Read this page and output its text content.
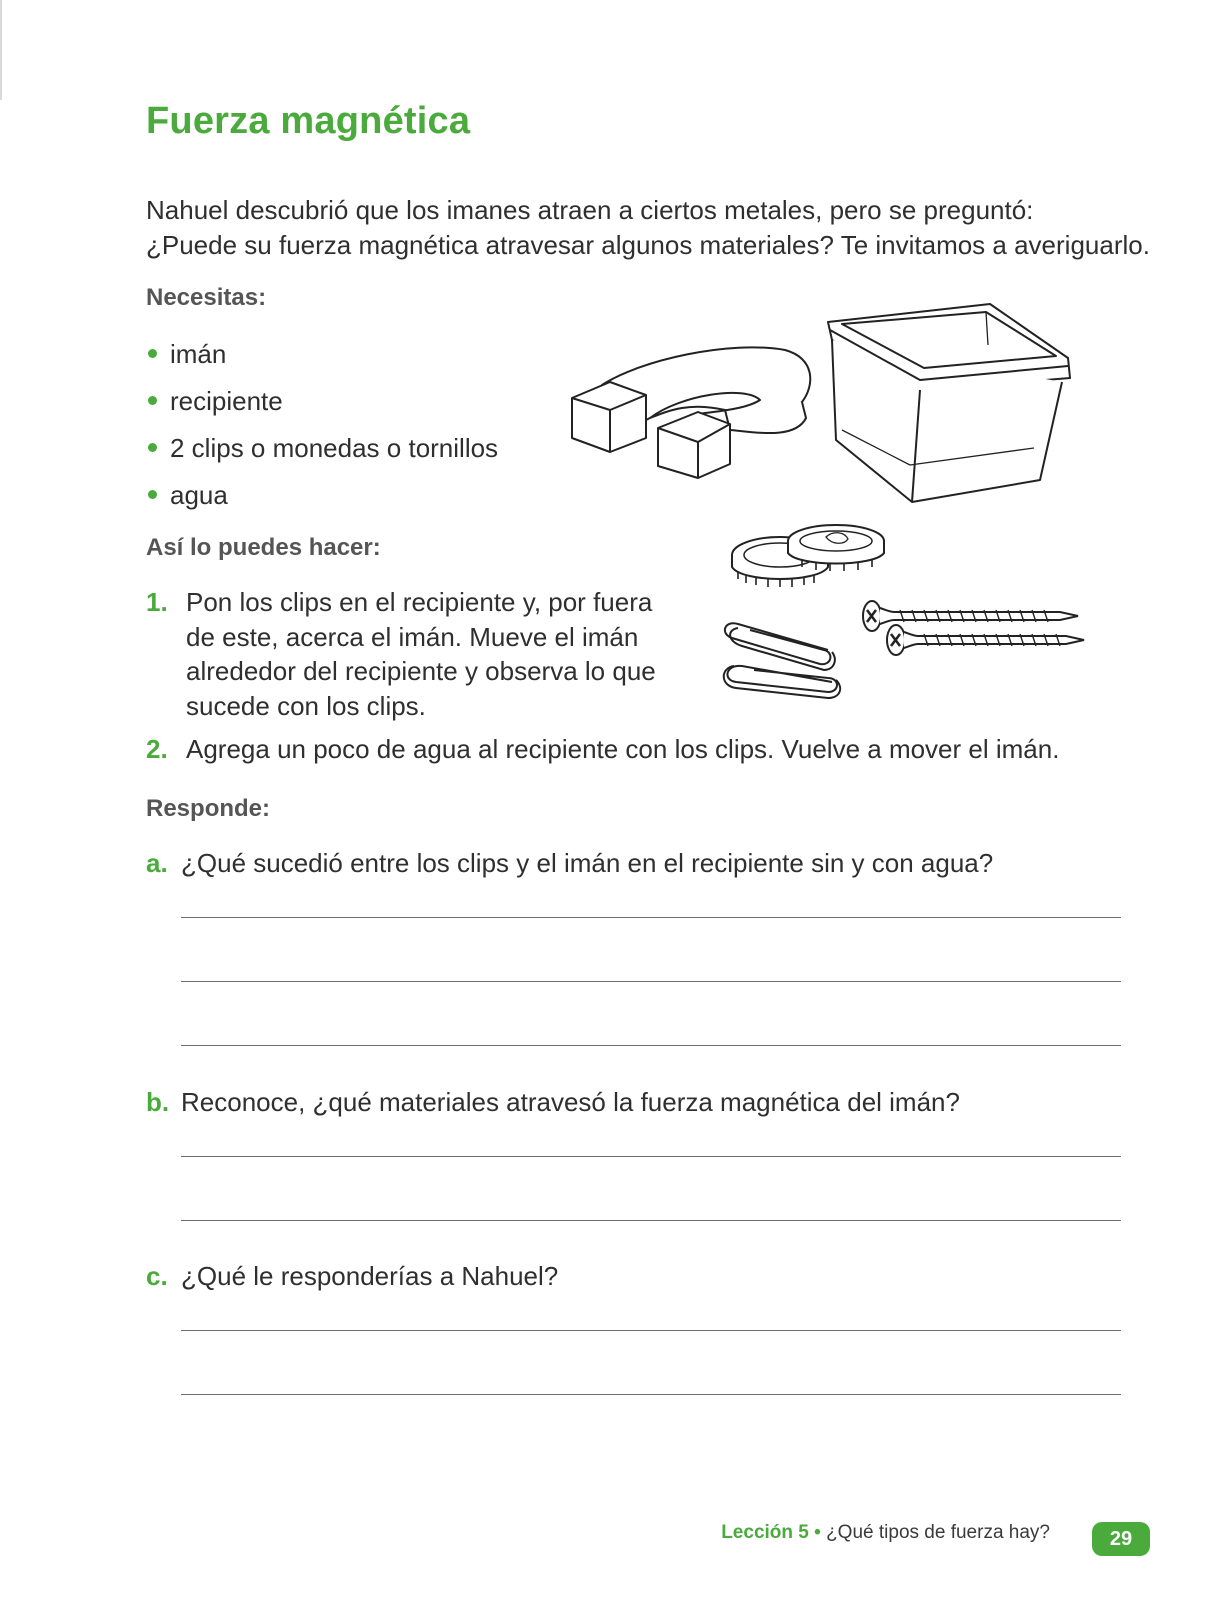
Fuerza magnética
Nahuel descubrió que los imanes atraen a ciertos metales, pero se preguntó:
¿Puede su fuerza magnética atravesar algunos materiales? Te invitamos a averiguarlo.
Necesitas:
imán
recipiente
2 clips o monedas o tornillos
agua
Así lo puedes hacer:
1. Pon los clips en el recipiente y, por fuera
de este, acerca el imán. Mueve el imán
alrededor del recipiente y observa lo que
sucede con los clips.
2. Agrega un poco de agua al recipiente con los clips. Vuelve a mover el imán.
Responde:
a. ¿Qué sucedió entre los clips y el imán en el recipiente sin y con agua?
b. Reconoce, ¿qué materiales atravesó la fuerza magnética del imán?
c. ¿Qué le responderías a Nahuel?
Lección 5 • ¿Qué tipos de fuerza hay?	29
